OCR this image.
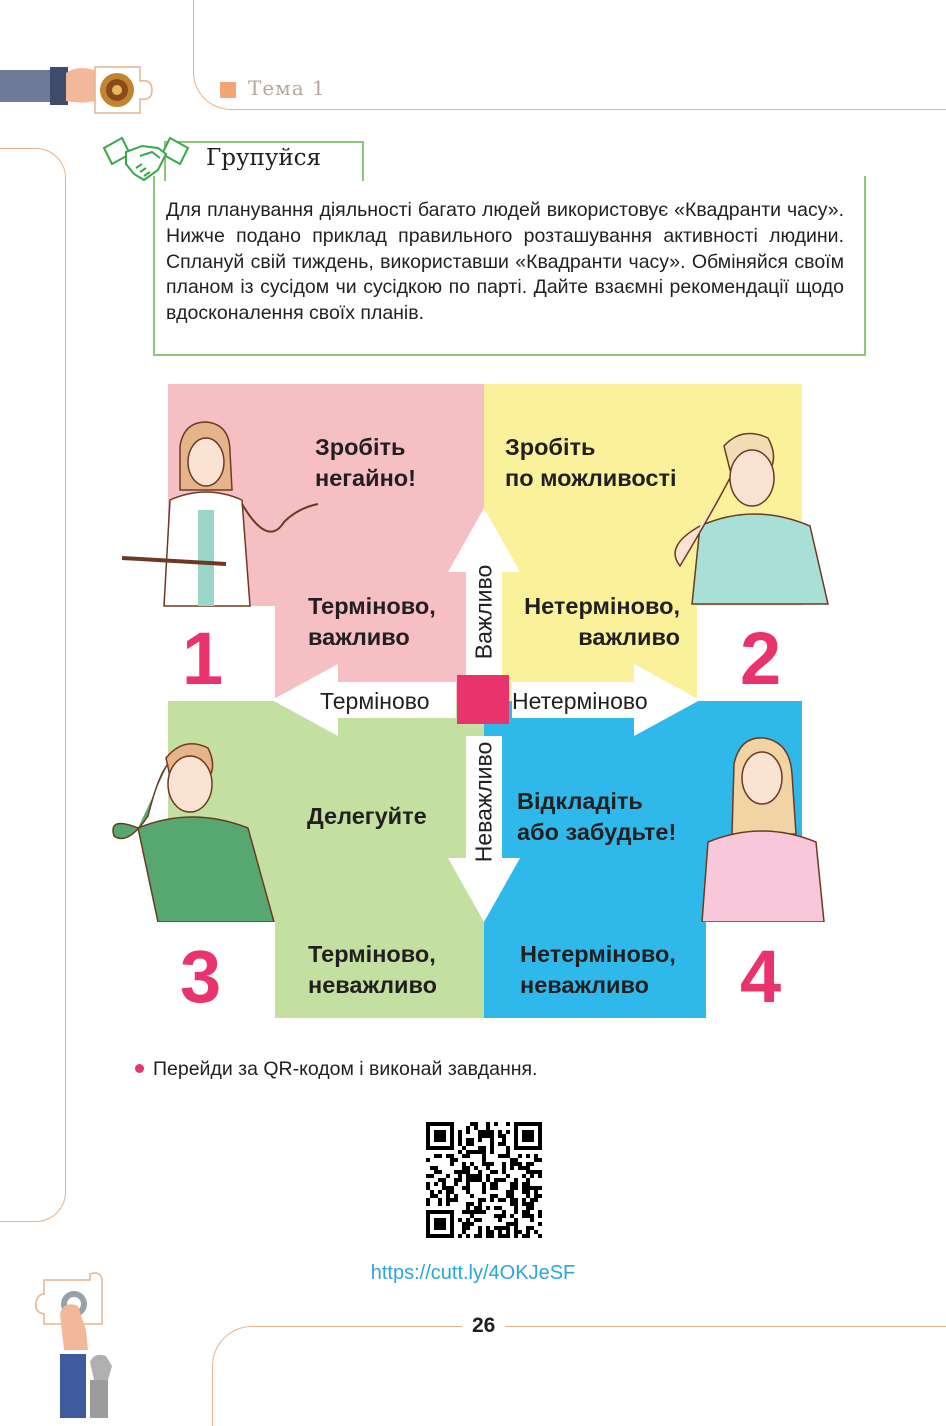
Тема 1
Групуйся
Для планування діяльності багато людей використовує «Квадранти часу». Нижче подано приклад правильного розташування активності людини. Сплануй свій тиждень, використавши «Квадранти часу». Обміняйся своїм планом із сусідом чи сусідкою по парті. Дайте взаємні рекомендації щодо вдосконалення своїх планів.
Терміново	Нетерміново
Важливо
Неважливо
Зробіть
негайно!
Терміново,
важливо
1
Зробіть
по можливості
Нетерміново,
важливо 2
Делегуйте
Терміново,
неважливо
3
Відкладіть
або забудьте!
Нетерміново,
неважливо	4
Перейди за QR-кодом і виконай завдання.
https://cutt.ly/4OKJeSF
26
